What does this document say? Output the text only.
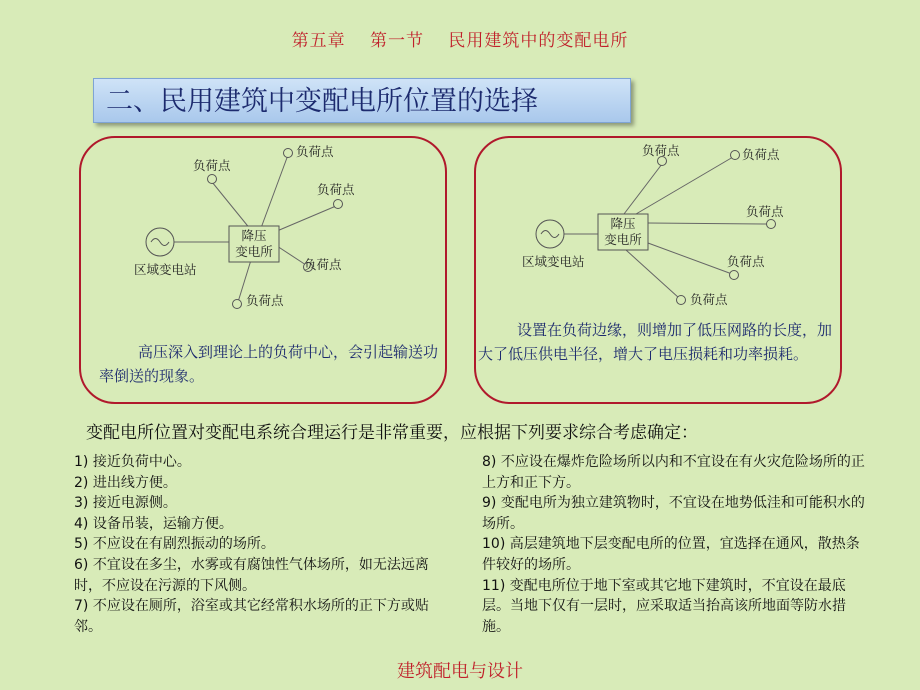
第五章 第一节 民用建筑中的变配电所
二、民用建筑中变配电所位置的选择
降压
变电所
区域变电站
负荷点
负荷点
负荷点
负荷点
负荷点
高压深入到理论上的负荷中心，会引起输送功率倒送的现象。
降压
变电所
区域变电站
负荷点	负荷点
负荷点
负荷点
负荷点
设置在负荷边缘，则增加了低压网路的长度，加大了低压供电半径，增大了电压损耗和功率损耗。
变配电所位置对变配电系统合理运行是非常重要，应根据下列要求综合考虑确定：
1) 接近负荷中心。
2) 进出线方便。
3) 接近电源侧。
4) 设备吊装，运输方便。
5) 不应设在有剧烈振动的场所。
6) 不宜设在多尘，水雾或有腐蚀性气体场所，如无法远离时，不应设在污源的下风侧。
7) 不应设在厕所，浴室或其它经常积水场所的正下方或贴邻。
8) 不应设在爆炸危险场所以内和不宜设在有火灾危险场所的正上方和正下方。
9) 变配电所为独立建筑物时，不宜设在地势低洼和可能积水的场所。
10) 高层建筑地下层变配电所的位置，宜选择在通风，散热条件较好的场所。
11) 变配电所位于地下室或其它地下建筑时，不宜设在最底层。当地下仅有一层时，应采取适当抬高该所地面等防水措施。
建筑配电与设计
